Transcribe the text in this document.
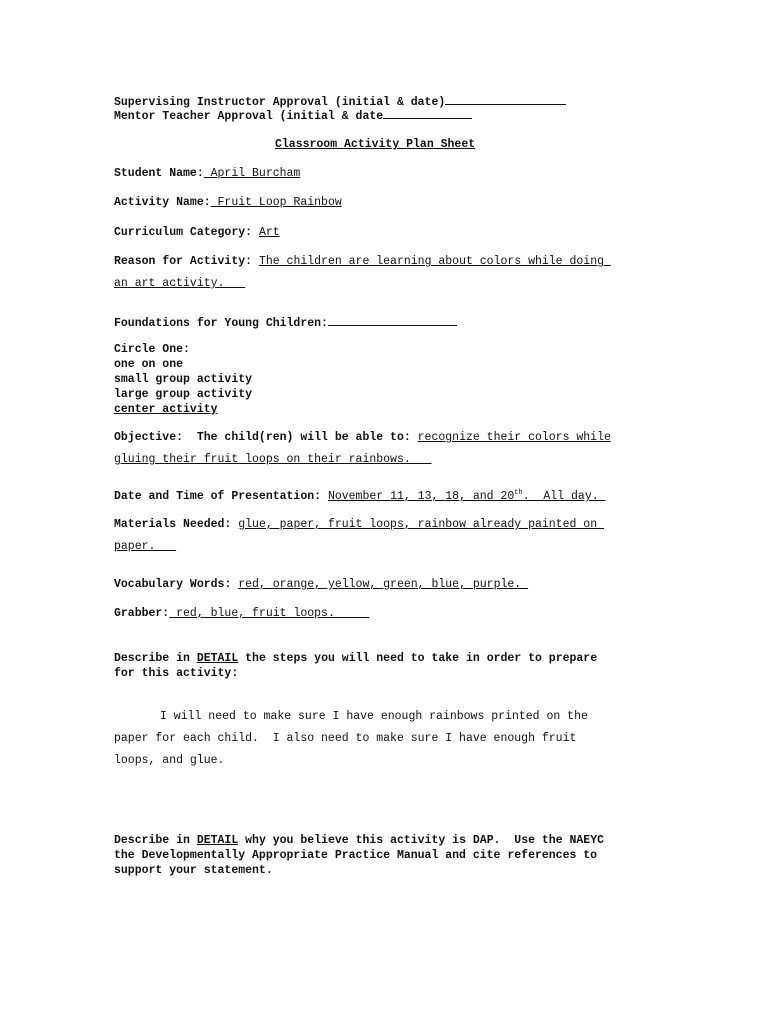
Supervising Instructor Approval (initial & date)
Mentor Teacher Approval (initial & date
Classroom Activity Plan Sheet
Student Name: April Burcham
Activity Name: Fruit Loop Rainbow
Curriculum Category: Art
Reason for Activity: The children are learning about colors while doing
an art activity.
Foundations for Young Children:
Circle One:
one on one
small group activity
large group activity
center activity
Objective:  The child(ren) will be able to: recognize their colors while
gluing their fruit loops on their rainbows.
Date and Time of Presentation: November 11, 13, 18, and 20th.  All day.
Materials Needed: glue, paper, fruit loops, rainbow already painted on
paper.
Vocabulary Words: red, orange, yellow, green, blue, purple.
Grabber: red, blue, fruit loops.
Describe in DETAIL the steps you will need to take in order to prepare
for this activity:
I will need to make sure I have enough rainbows printed on the
paper for each child.  I also need to make sure I have enough fruit
loops, and glue.
Describe in DETAIL why you believe this activity is DAP.  Use the NAEYC
the Developmentally Appropriate Practice Manual and cite references to
support your statement.
